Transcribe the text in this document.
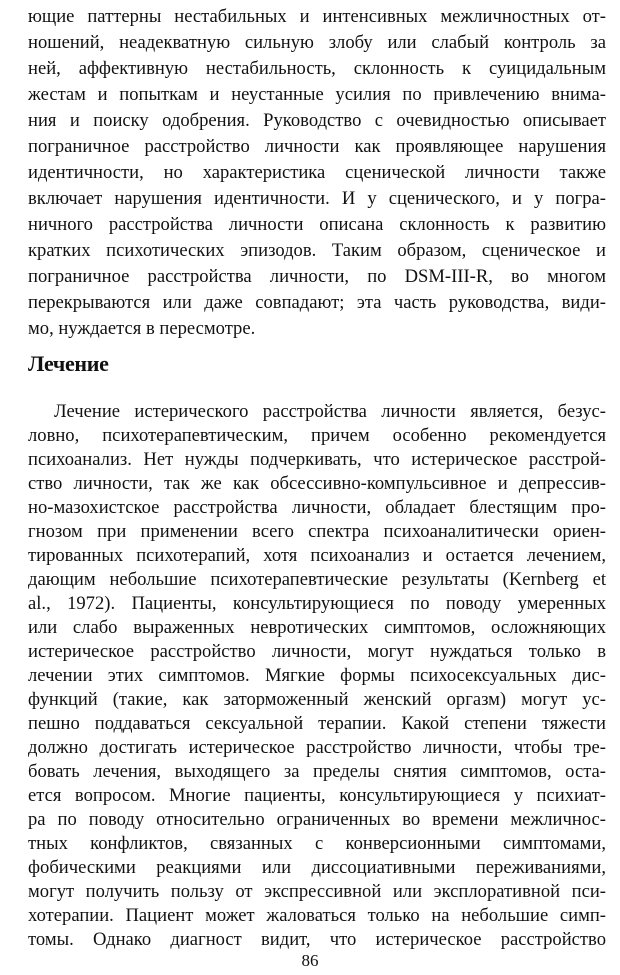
ющие паттерны нестабильных и интенсивных межличностных от-
ношений, неадекватную сильную злобу или слабый контроль за
ней, аффективную нестабильность, склонность к суицидальным
жестам и попыткам и неустанные усилия по привлечению внима-
ния и поиску одобрения. Руководство с очевидностью описывает
пограничное расстройство личности как проявляющее нарушения
идентичности, но характеристика сценической личности также
включает нарушения идентичности. И у сценического, и у погра-
ничного расстройства личности описана склонность к развитию
кратких психотических эпизодов. Таким образом, сценическое и
пограничное расстройства личности, по DSM-III-R, во многом
перекрываются или даже совпадают; эта часть руководства, види-
мо, нуждается в пересмотре.
Лечение
Лечение истерического расстройства личности является, безус-
ловно, психотерапевтическим, причем особенно рекомендуется
психоанализ. Нет нужды подчеркивать, что истерическое расстрой-
ство личности, так же как обсессивно-компульсивное и депрессив-
но-мазохистское расстройства личности, обладает блестящим про-
гнозом при применении всего спектра психоаналитически ориен-
тированных психотерапий, хотя психоанализ и остается лечением,
дающим небольшие психотерапевтические результаты (Kernberg et
al., 1972). Пациенты, консультирующиеся по поводу умеренных
или слабо выраженных невротических симптомов, осложняющих
истерическое расстройство личности, могут нуждаться только в
лечении этих симптомов. Мягкие формы психосексуальных дис-
функций (такие, как заторможенный женский оргазм) могут ус-
пешно поддаваться сексуальной терапии. Какой степени тяжести
должно достигать истерическое расстройство личности, чтобы тре-
бовать лечения, выходящего за пределы снятия симптомов, оста-
ется вопросом. Многие пациенты, консультирующиеся у психиат-
ра по поводу относительно ограниченных во времени межличнос-
тных конфликтов, связанных с конверсионными симптомами,
фобическими реакциями или диссоциативными переживаниями,
могут получить пользу от экспрессивной или эксплоративной пси-
хотерапии. Пациент может жаловаться только на небольшие симп-
томы. Однако диагност видит, что истерическое расстройство
86
